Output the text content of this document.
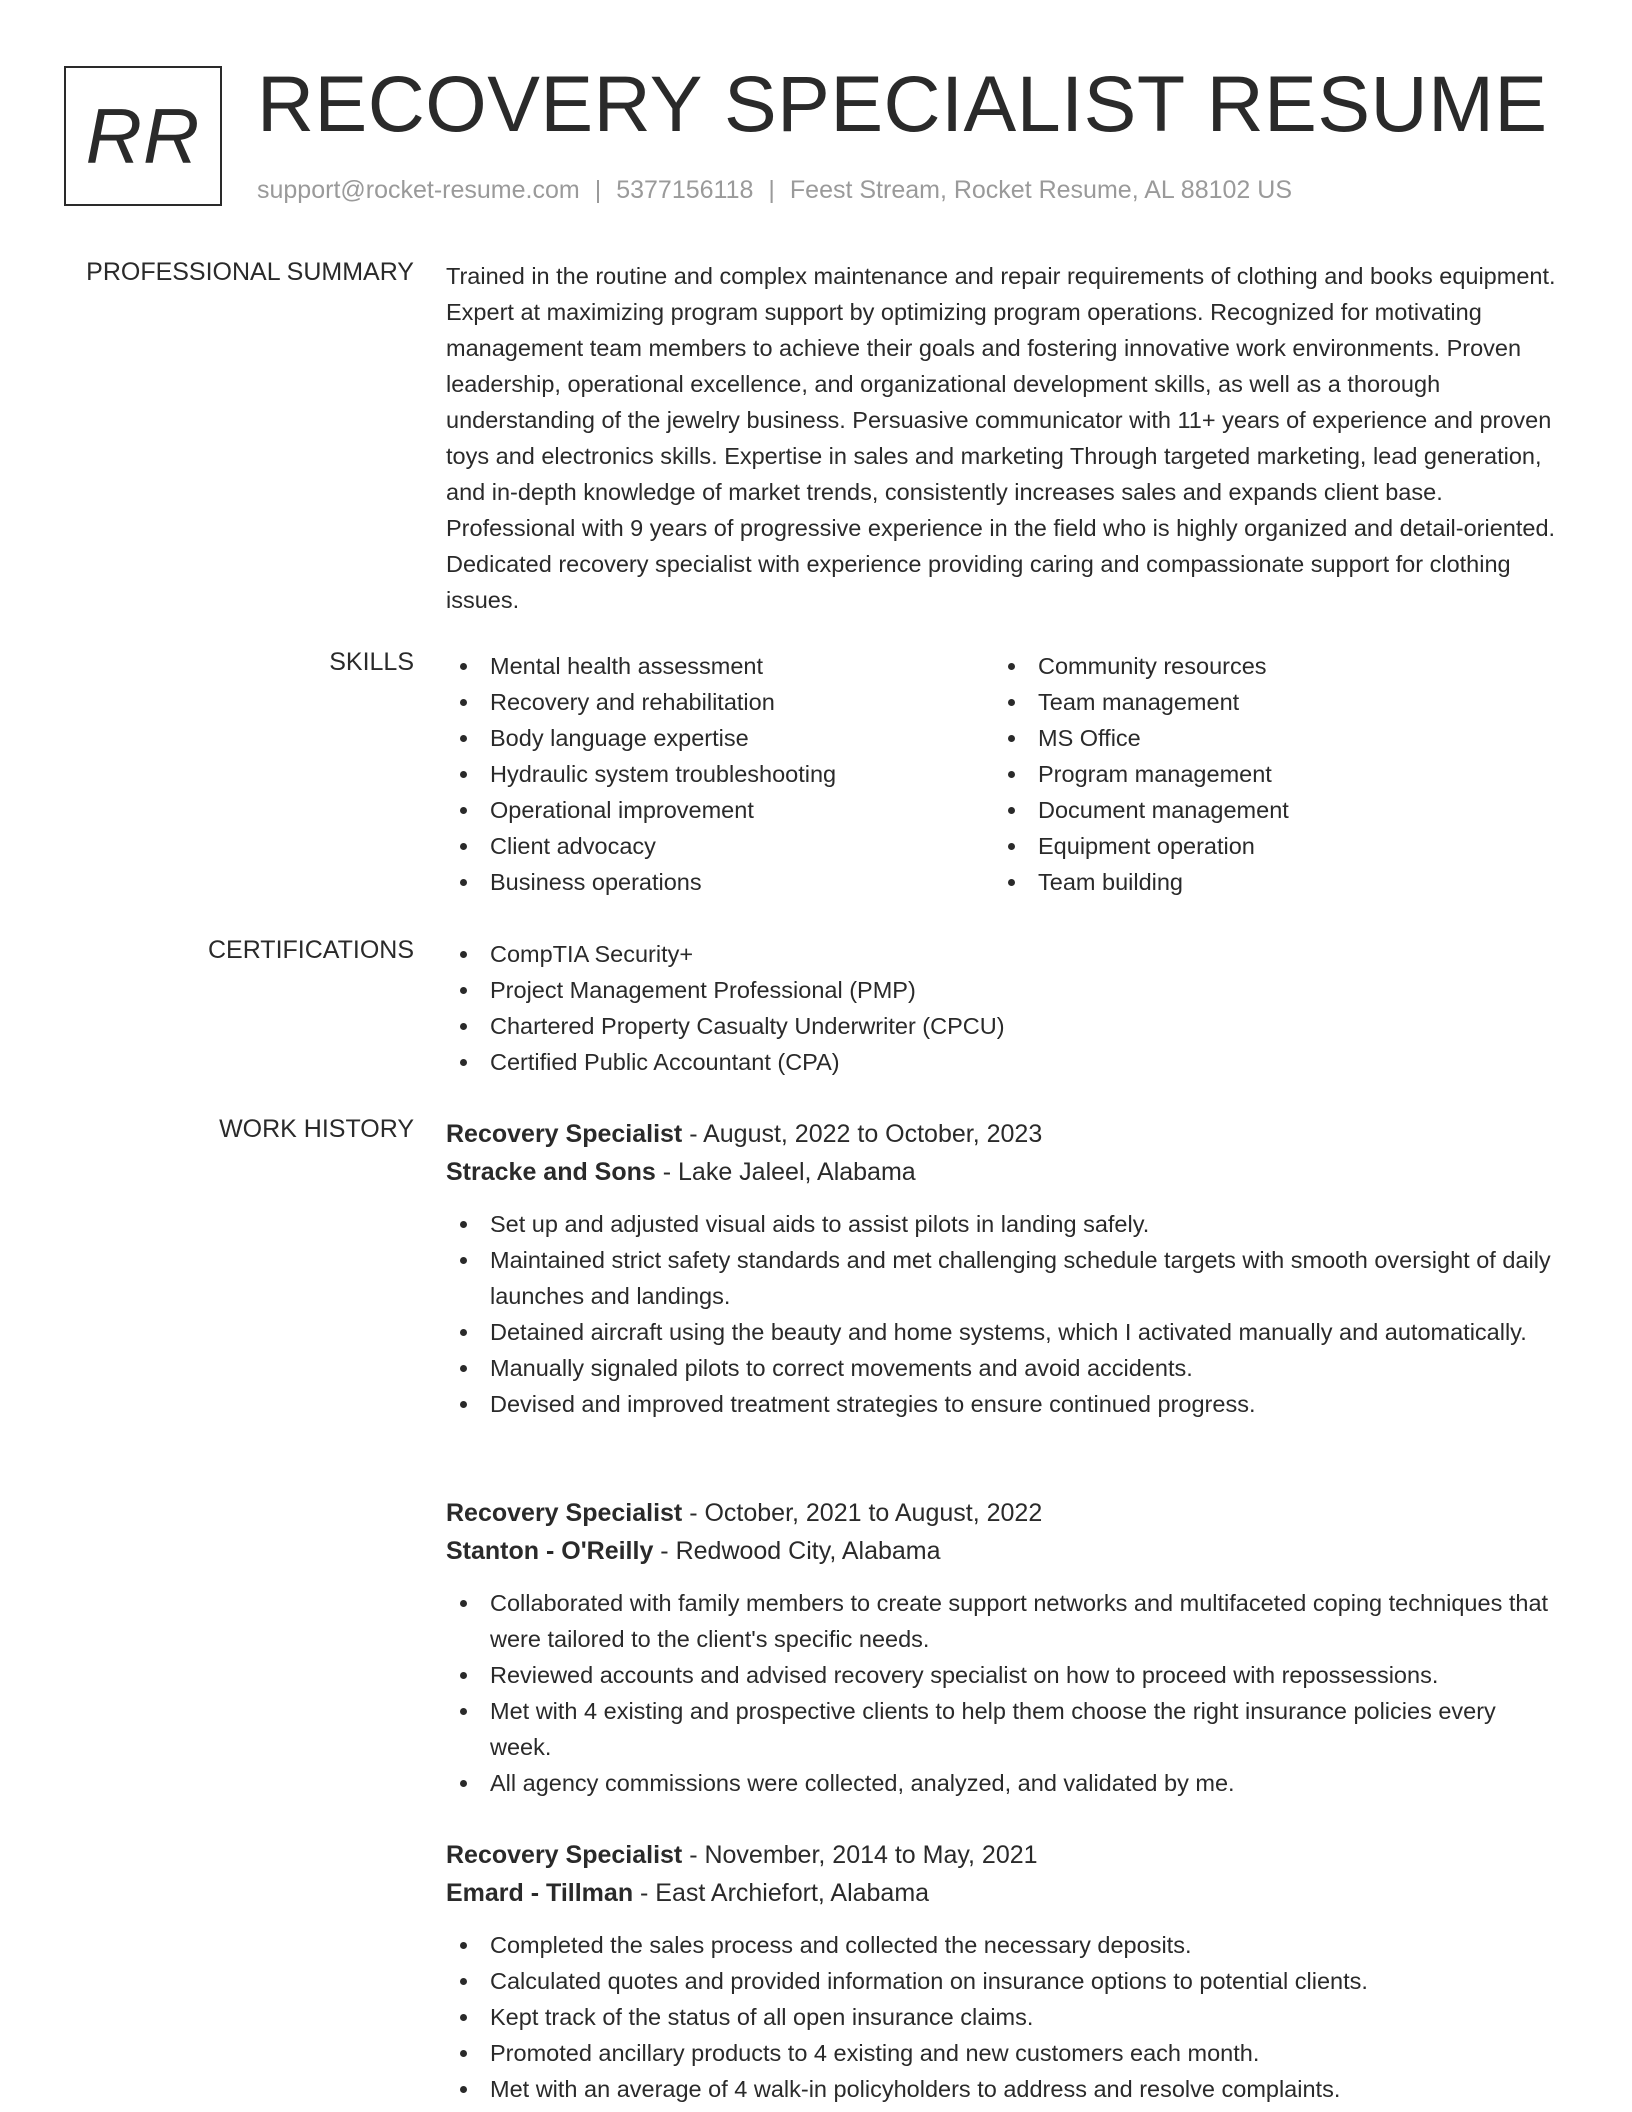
RR RECOVERY SPECIALIST RESUME
support@rocket-resume.com | 5377156118 | Feest Stream, Rocket Resume, AL 88102 US
PROFESSIONAL SUMMARY Trained in the routine and complex maintenance and repair requirements of clothing and books equipment. Expert at maximizing program support by optimizing program operations. Recognized for motivating management team members to achieve their goals and fostering innovative work environments. Proven leadership, operational excellence, and organizational development skills, as well as a thorough understanding of the jewelry business. Persuasive communicator with 11+ years of experience and proven toys and electronics skills. Expertise in sales and marketing Through targeted marketing, lead generation, and in-depth knowledge of market trends, consistently increases sales and expands client base. Professional with 9 years of progressive experience in the field who is highly organized and detail-oriented. Dedicated recovery specialist with experience providing caring and compassionate support for clothing issues.
SKILLS	Mental health assessment
Recovery and rehabilitation
Body language expertise
Hydraulic system troubleshooting
Operational improvement
Client advocacy
Business operations
Community resources
Team management
MS Office
Program management
Document management
Equipment operation
Team building
CERTIFICATIONS	CompTIA Security+
Project Management Professional (PMP)
Chartered Property Casualty Underwriter (CPCU)
Certified Public Accountant (CPA)
WORK HISTORY Recovery Specialist - August, 2022 to October, 2023
Stracke and Sons - Lake Jaleel, Alabama
Set up and adjusted visual aids to assist pilots in landing safely.
Maintained strict safety standards and met challenging schedule targets with smooth oversight of daily launches and landings.
Detained aircraft using the beauty and home systems, which I activated manually and automatically.
Manually signaled pilots to correct movements and avoid accidents.
Devised and improved treatment strategies to ensure continued progress.
Recovery Specialist - October, 2021 to August, 2022
Stanton - O'Reilly - Redwood City, Alabama
Collaborated with family members to create support networks and multifaceted coping techniques that were tailored to the client's specific needs.
Reviewed accounts and advised recovery specialist on how to proceed with repossessions.
Met with 4 existing and prospective clients to help them choose the right insurance policies every week.
All agency commissions were collected, analyzed, and validated by me.
Recovery Specialist - November, 2014 to May, 2021
Emard - Tillman - East Archiefort, Alabama
Completed the sales process and collected the necessary deposits.
Calculated quotes and provided information on insurance options to potential clients.
Kept track of the status of all open insurance claims.
Promoted ancillary products to 4 existing and new customers each month.
Met with an average of 4 walk-in policyholders to address and resolve complaints.
